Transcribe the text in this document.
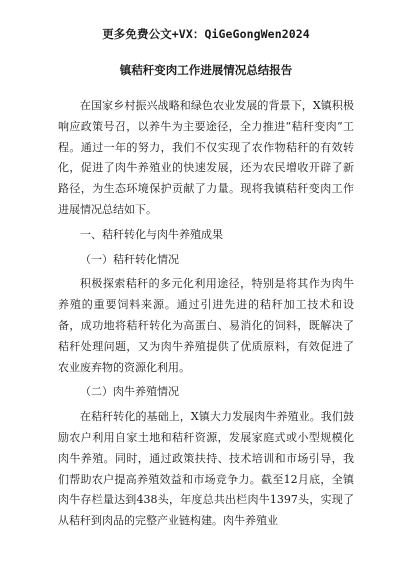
更多免费公文+VX：QiGeGongWen2024
镇秸秆变肉工作进展情况总结报告

在国家乡村振兴战略和绿色农业发展的背景下，X镇积极响应政策号召，以养牛为主要途径，全力推进“秸秆变肉”工程。通过一年的努力，我们不仅实现了农作物秸秆的有效转化，促进了肉牛养殖业的快速发展，还为农民增收开辟了新路径，为生态环境保护贡献了力量。现将我镇秸秆变肉工作进展情况总结如下。

一、秸秆转化与肉牛养殖成果

（一）秸秆转化情况

积极探索秸秆的多元化利用途径，特别是将其作为肉牛养殖的重要饲料来源。通过引进先进的秸秆加工技术和设备，成功地将秸秆转化为高蛋白、易消化的饲料，既解决了秸秆处理问题，又为肉牛养殖提供了优质原料，有效促进了农业废弃物的资源化利用。

（二）肉牛养殖情况

在秸秆转化的基础上，X镇大力发展肉牛养殖业。我们鼓励农户利用自家土地和秸秆资源，发展家庭式或小型规模化肉牛养殖。同时，通过政策扶持、技术培训和市场引导，我们帮助农户提高养殖效益和市场竞争力。截至12月底，全镇肉牛存栏量达到438头，年度总共出栏肉牛1397头，实现了从秸秆到肉品的完整产业链构建。肉牛养殖业
